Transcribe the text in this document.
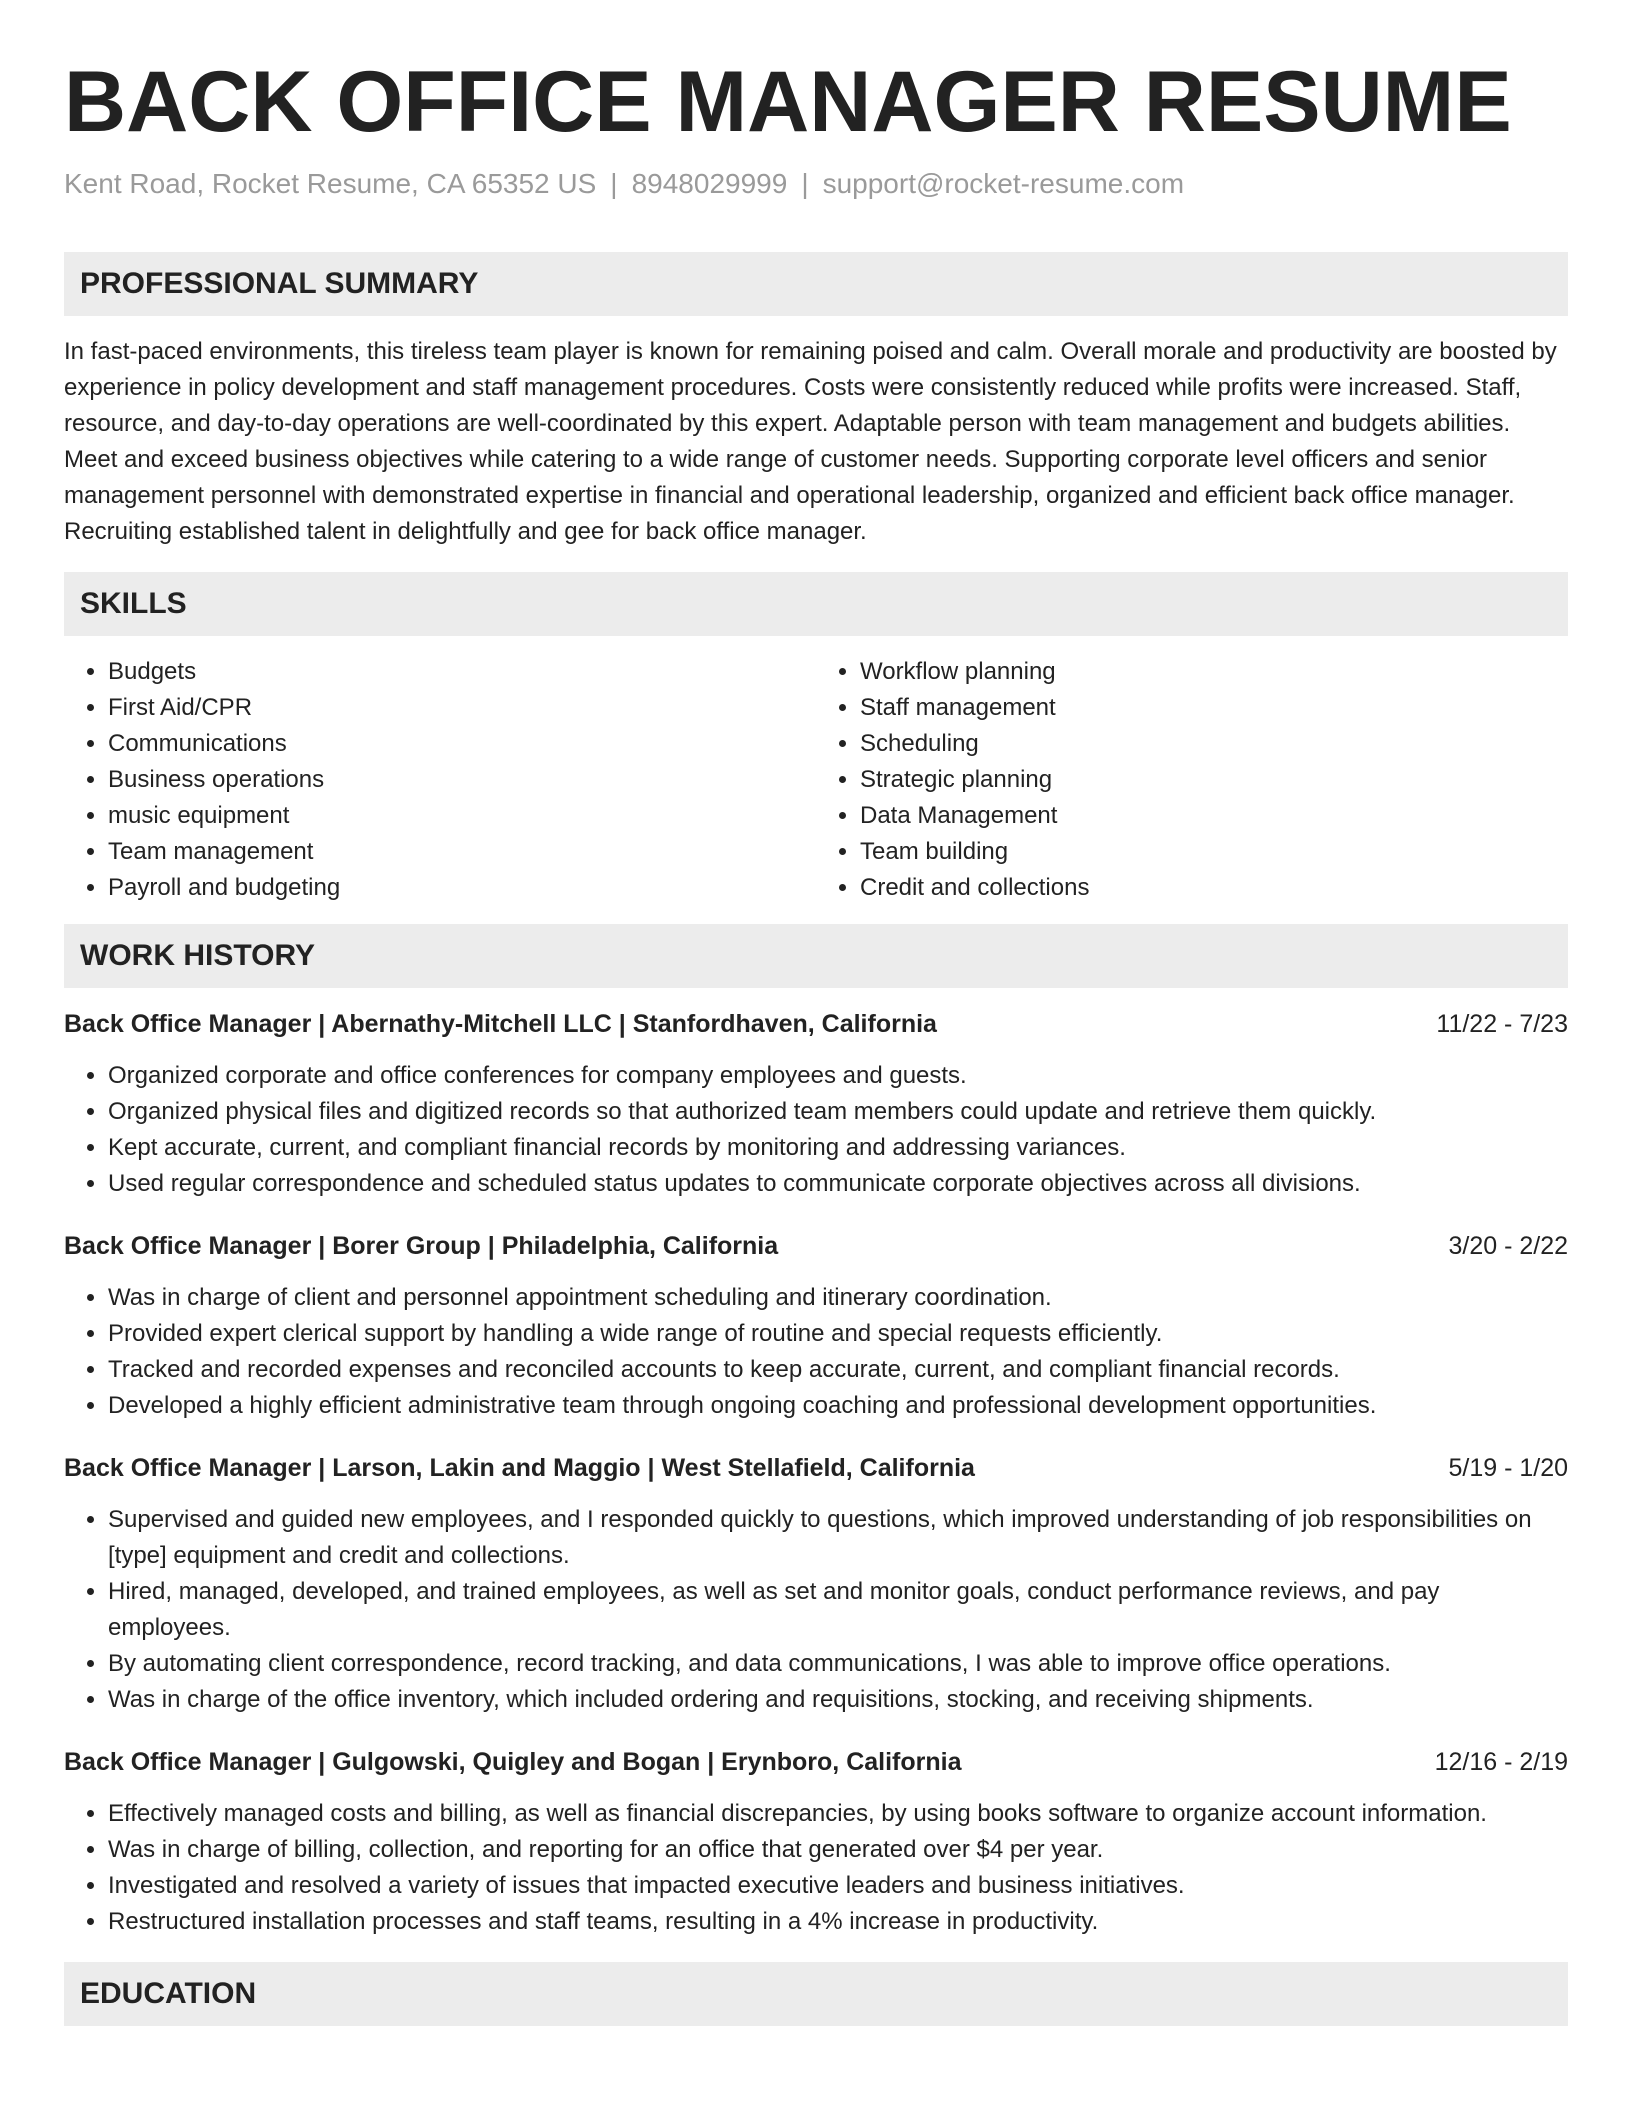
BACK OFFICE MANAGER RESUME
Kent Road, Rocket Resume, CA 65352 US | 8948029999 | support@rocket-resume.com
PROFESSIONAL SUMMARY

In fast-paced environments, this tireless team player is known for remaining poised and calm. Overall morale and productivity are boosted by experience in policy development and staff management procedures. Costs were consistently reduced while profits were increased. Staff, resource, and day-to-day operations are well-coordinated by this expert. Adaptable person with team management and budgets abilities. Meet and exceed business objectives while catering to a wide range of customer needs. Supporting corporate level officers and senior management personnel with demonstrated expertise in financial and operational leadership, organized and efficient back office manager. Recruiting established talent in delightfully and gee for back office manager.

SKILLS
• Budgets
• First Aid/CPR
• Communications
• Business operations
• music equipment
• Team management
• Payroll and budgeting
• Workflow planning
• Staff management
• Scheduling
• Strategic planning
• Data Management
• Team building
• Credit and collections
WORK HISTORY
Back Office Manager | Abernathy-Mitchell LLC | Stanfordhaven, California	11/22 - 7/23
• Organized corporate and office conferences for company employees and guests.
• Organized physical files and digitized records so that authorized team members could update and retrieve them quickly.
• Kept accurate, current, and compliant financial records by monitoring and addressing variances.
• Used regular correspondence and scheduled status updates to communicate corporate objectives across all divisions.
Back Office Manager | Borer Group | Philadelphia, California	3/20 - 2/22
• Was in charge of client and personnel appointment scheduling and itinerary coordination.
• Provided expert clerical support by handling a wide range of routine and special requests efficiently.
• Tracked and recorded expenses and reconciled accounts to keep accurate, current, and compliant financial records.
• Developed a highly efficient administrative team through ongoing coaching and professional development opportunities.
Back Office Manager | Larson, Lakin and Maggio | West Stellafield, California	5/19 - 1/20
• Supervised and guided new employees, and I responded quickly to questions, which improved understanding of job responsibilities on [type] equipment and credit and collections.
• Hired, managed, developed, and trained employees, as well as set and monitor goals, conduct performance reviews, and pay employees.
• By automating client correspondence, record tracking, and data communications, I was able to improve office operations.
• Was in charge of the office inventory, which included ordering and requisitions, stocking, and receiving shipments.
Back Office Manager | Gulgowski, Quigley and Bogan | Erynboro, California	12/16 - 2/19
• Effectively managed costs and billing, as well as financial discrepancies, by using books software to organize account information.
• Was in charge of billing, collection, and reporting for an office that generated over $4 per year.
• Investigated and resolved a variety of issues that impacted executive leaders and business initiatives.
• Restructured installation processes and staff teams, resulting in a 4% increase in productivity.
EDUCATION
